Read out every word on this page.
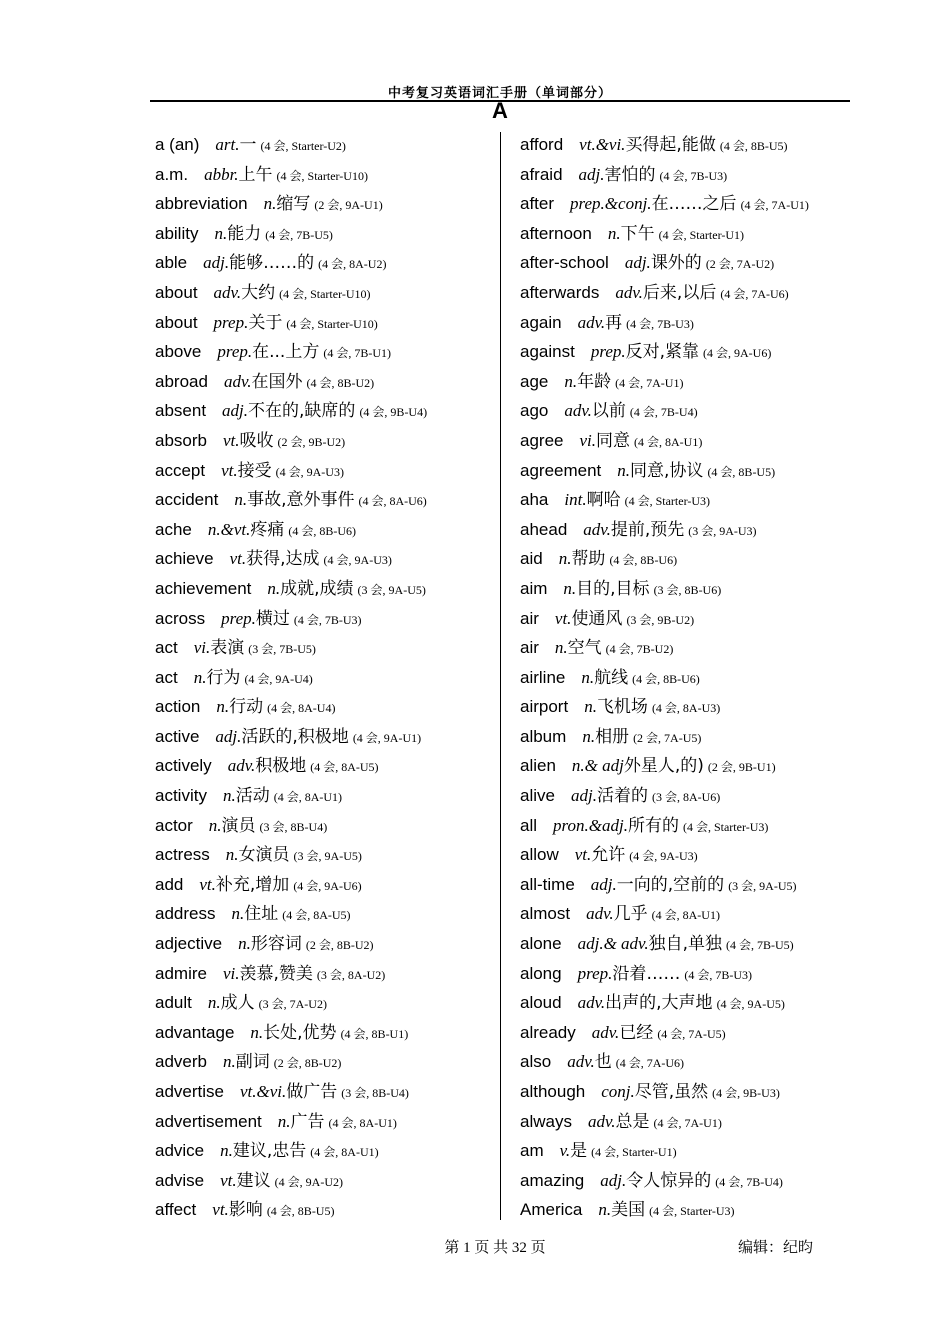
中考复习英语词汇手册（单词部分）
A
a (an) art.一 (4 会, Starter-U2)
a.m. abbr.上午 (4 会, Starter-U10)
abbreviation n.缩写 (2 会, 9A-U1)
ability n.能力 (4 会, 7B-U5)
able adj.能够……的 (4 会, 8A-U2)
about adv.大约 (4 会, Starter-U10)
about prep.关于 (4 会, Starter-U10)
above prep.在...上方 (4 会, 7B-U1)
abroad adv.在国外 (4 会, 8B-U2)
absent adj.不在的,缺席的 (4 会, 9B-U4)
absorb vt.吸收 (2 会, 9B-U2)
accept vt.接受 (4 会, 9A-U3)
accident n.事故,意外事件 (4 会, 8A-U6)
ache n.&vt.疼痛 (4 会, 8B-U6)
achieve vt.获得,达成 (4 会, 9A-U3)
achievement n.成就,成绩 (3 会, 9A-U5)
across prep.横过 (4 会, 7B-U3)
act vi.表演 (3 会, 7B-U5)
act n.行为 (4 会, 9A-U4)
action n.行动 (4 会, 8A-U4)
active adj.活跃的,积极地 (4 会, 9A-U1)
actively adv.积极地 (4 会, 8A-U5)
activity n.活动 (4 会, 8A-U1)
actor n.演员 (3 会, 8B-U4)
actress n.女演员 (3 会, 9A-U5)
add vt.补充,增加 (4 会, 9A-U6)
address n.住址 (4 会, 8A-U5)
adjective n.形容词 (2 会, 8B-U2)
admire vi.羡慕,赞美 (3 会, 8A-U2)
adult n.成人 (3 会, 7A-U2)
advantage n.长处,优势 (4 会, 8B-U1)
adverb n.副词 (2 会, 8B-U2)
advertise vt.&vi.做广告 (3 会, 8B-U4)
advertisement n.广告 (4 会, 8A-U1)
advice n.建议,忠告 (4 会, 8A-U1)
advise vt.建议 (4 会, 9A-U2)
affect vt.影响 (4 会, 8B-U5)
afford vt.&vi.买得起,能做 (4 会, 8B-U5)
afraid adj.害怕的 (4 会, 7B-U3)
after prep.&conj.在……之后 (4 会, 7A-U1)
afternoon n.下午 (4 会, Starter-U1)
after-school adj.课外的 (2 会, 7A-U2)
afterwards adv.后来,以后 (4 会, 7A-U6)
again adv.再 (4 会, 7B-U3)
against prep.反对,紧靠 (4 会, 9A-U6)
age n.年龄 (4 会, 7A-U1)
ago adv.以前 (4 会, 7B-U4)
agree vi.同意 (4 会, 8A-U1)
agreement n.同意,协议 (4 会, 8B-U5)
aha int.啊哈 (4 会, Starter-U3)
ahead adv.提前,预先 (3 会, 9A-U3)
aid n.帮助 (4 会, 8B-U6)
aim n.目的,目标 (3 会, 8B-U6)
air vt.使通风 (3 会, 9B-U2)
air n.空气 (4 会, 7B-U2)
airline n.航线 (4 会, 8B-U6)
airport n.飞机场 (4 会, 8A-U3)
album n.相册 (2 会, 7A-U5)
alien n.& adj外星人,的) (2 会, 9B-U1)
alive adj.活着的 (3 会, 8A-U6)
all pron.&adj.所有的 (4 会, Starter-U3)
allow vt.允许 (4 会, 9A-U3)
all-time adj.一向的,空前的 (3 会, 9A-U5)
almost adv.几乎 (4 会, 8A-U1)
alone adj.& adv.独自,单独 (4 会, 7B-U5)
along prep.沿着…… (4 会, 7B-U3)
aloud adv.出声的,大声地 (4 会, 9A-U5)
already adv.已经 (4 会, 7A-U5)
also adv.也 (4 会, 7A-U6)
although conj.尽管,虽然 (4 会, 9B-U3)
always adv.总是 (4 会, 7A-U1)
am v.是 (4 会, Starter-U1)
amazing adj.令人惊异的 (4 会, 7B-U4)
America n.美国 (4 会, Starter-U3)
第 1 页 共 32 页	编辑：纪昀
